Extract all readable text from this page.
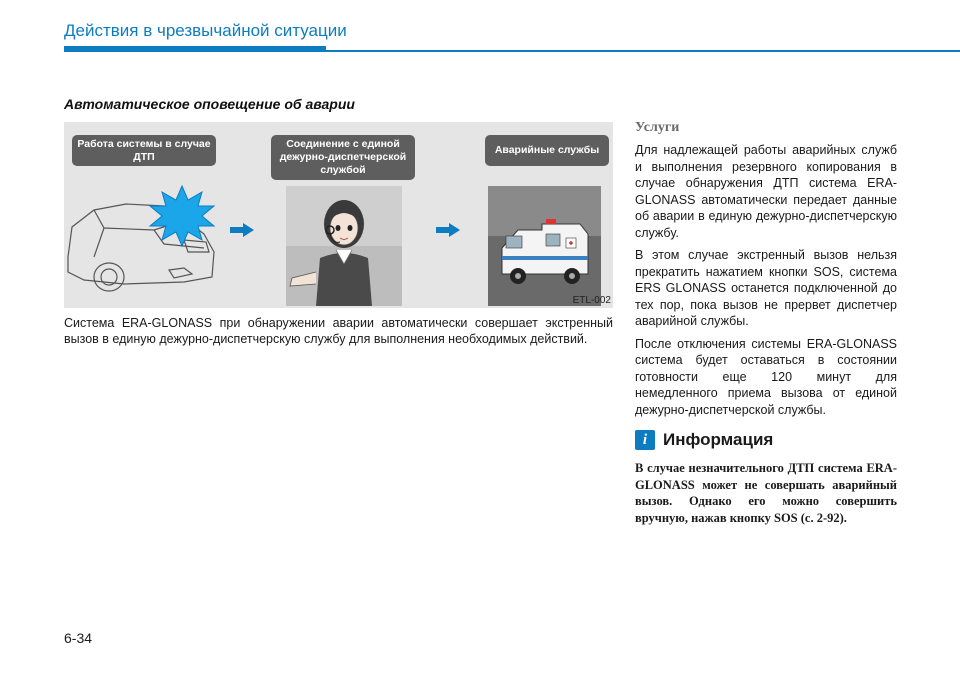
Действия в чрезвычайной ситуации
Автоматическое оповещение об аварии
Работа системы в случае ДТП
Соединение с единой дежурно-диспетчерской службой
Аварийные службы
ETL-002
Система ERA-GLONASS при обнаружении аварии автоматически совершает экстренный вызов в единую дежурно-диспетчерскую службу для выполнения необходимых действий.
Услуги

Для надлежащей работы аварийных служб и выполнения резервного копирования в случае обнаружения ДТП система ERA-GLONASS автоматически передает данные об аварии в единую дежурно-диспетчерскую службу.

В этом случае экстренный вызов нельзя прекратить нажатием кнопки SOS, система ERS GLONASS останется подключенной до тех пор, пока вызов не прервет диспетчер аварийной службы.

После отключения системы ERA-GLONASS система будет оставаться в состоянии готовности еще 120 минут для немедленного приема вызова от единой дежурно-диспетчерской службы.

i Информация
В случае незначительного ДТП система ERA-GLONASS может не совершать аварийный вызов. Однако его можно совершить вручную, нажав кнопку SOS (с. 2-92).
6-34
